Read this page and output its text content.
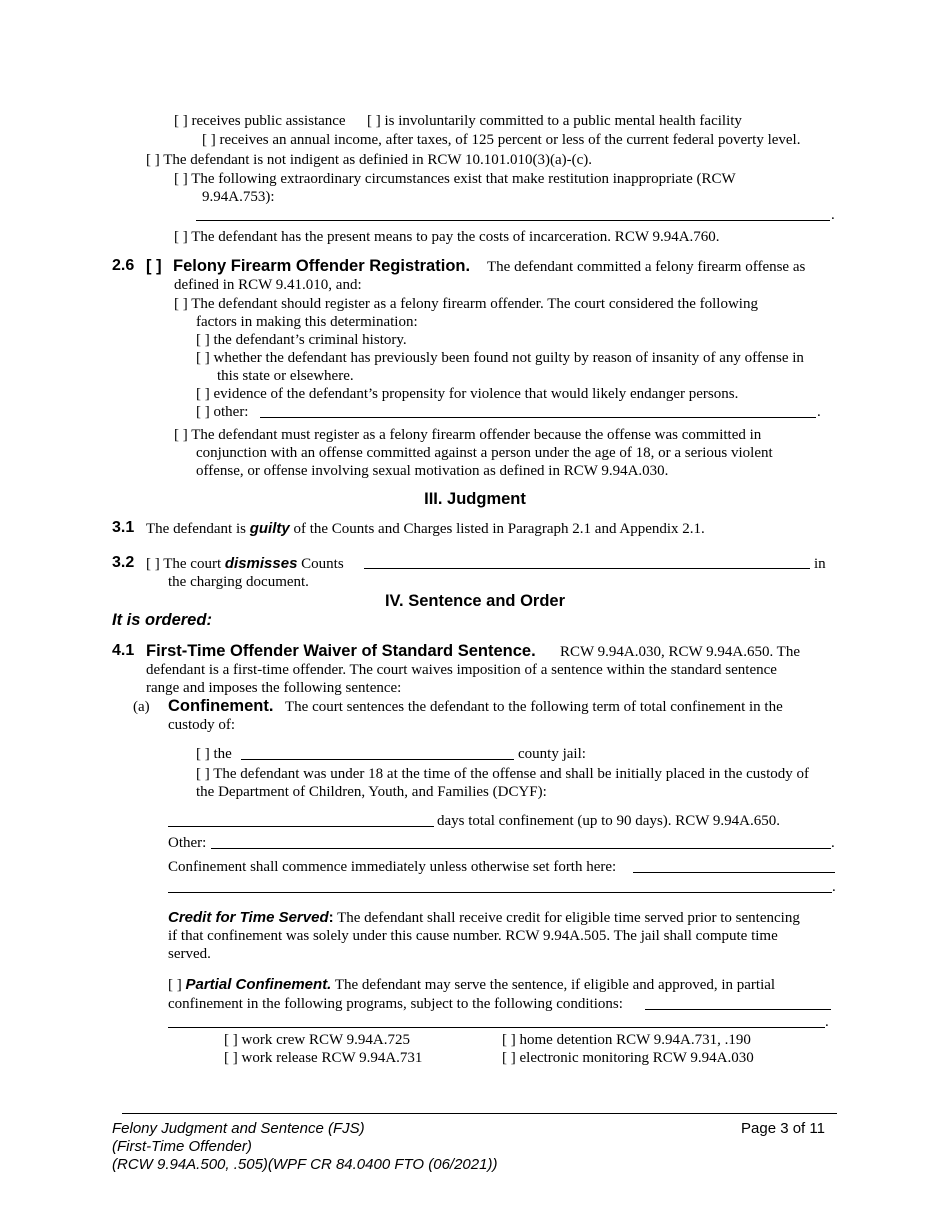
[ ] receives public assistance [ ] is involuntarily committed to a public mental health facility
[ ] receives an annual income, after taxes, of 125 percent or less of the current federal poverty level.
[ ] The defendant is not indigent as definied in RCW 10.101.010(3)(a)-(c).
[ ] The following extraordinary circumstances exist that make restitution inappropriate (RCW
9.94A.753):
.
[ ] The defendant has the present means to pay the costs of incarceration. RCW 9.94A.760.
2.6 [ ] Felony Firearm Offender Registration. The defendant committed a felony firearm offense as
defined in RCW 9.41.010, and:
[ ] The defendant should register as a felony firearm offender. The court considered the following
factors in making this determination:
[ ] the defendant’s criminal history.
[ ] whether the defendant has previously been found not guilty by reason of insanity of any offense in
this state or elsewhere.
[ ] evidence of the defendant’s propensity for violence that would likely endanger persons.
[ ] other:	.
[ ] The defendant must register as a felony firearm offender because the offense was committed in
conjunction with an offense committed against a person under the age of 18, or a serious violent
offense, or offense involving sexual motivation as defined in RCW 9.94A.030.
III. Judgment
3.1 The defendant is guilty of the Counts and Charges listed in Paragraph 2.1 and Appendix 2.1.
3.2 [ ] The court dismisses Counts	in
the charging document.
IV. Sentence and Order
It is ordered:
4.1 First-Time Offender Waiver of Standard Sentence. RCW 9.94A.030, RCW 9.94A.650. The
defendant is a first-time offender. The court waives imposition of a sentence within the standard sentence
range and imposes the following sentence:
(a) Confinement. The court sentences the defendant to the following term of total confinement in the
custody of:
[ ] the	county jail:
[ ] The defendant was under 18 at the time of the offense and shall be initially placed in the custody of
the Department of Children, Youth, and Families (DCYF):
days total confinement (up to 90 days). RCW 9.94A.650.
Other:	.
Confinement shall commence immediately unless otherwise set forth here:
.
Credit for Time Served: The defendant shall receive credit for eligible time served prior to sentencing
if that confinement was solely under this cause number. RCW 9.94A.505. The jail shall compute time
served.
[ ] Partial Confinement. The defendant may serve the sentence, if eligible and approved, in partial
confinement in the following programs, subject to the following conditions:
.
[ ] work crew RCW 9.94A.725	[ ] home detention RCW 9.94A.731, .190
[ ] work release RCW 9.94A.731	[ ] electronic monitoring RCW 9.94A.030
Felony Judgment and Sentence (FJS)
(First-Time Offender)
(RCW 9.94A.500, .505)(WPF CR 84.0400 FTO (06/2021))
Page 3 of 11
